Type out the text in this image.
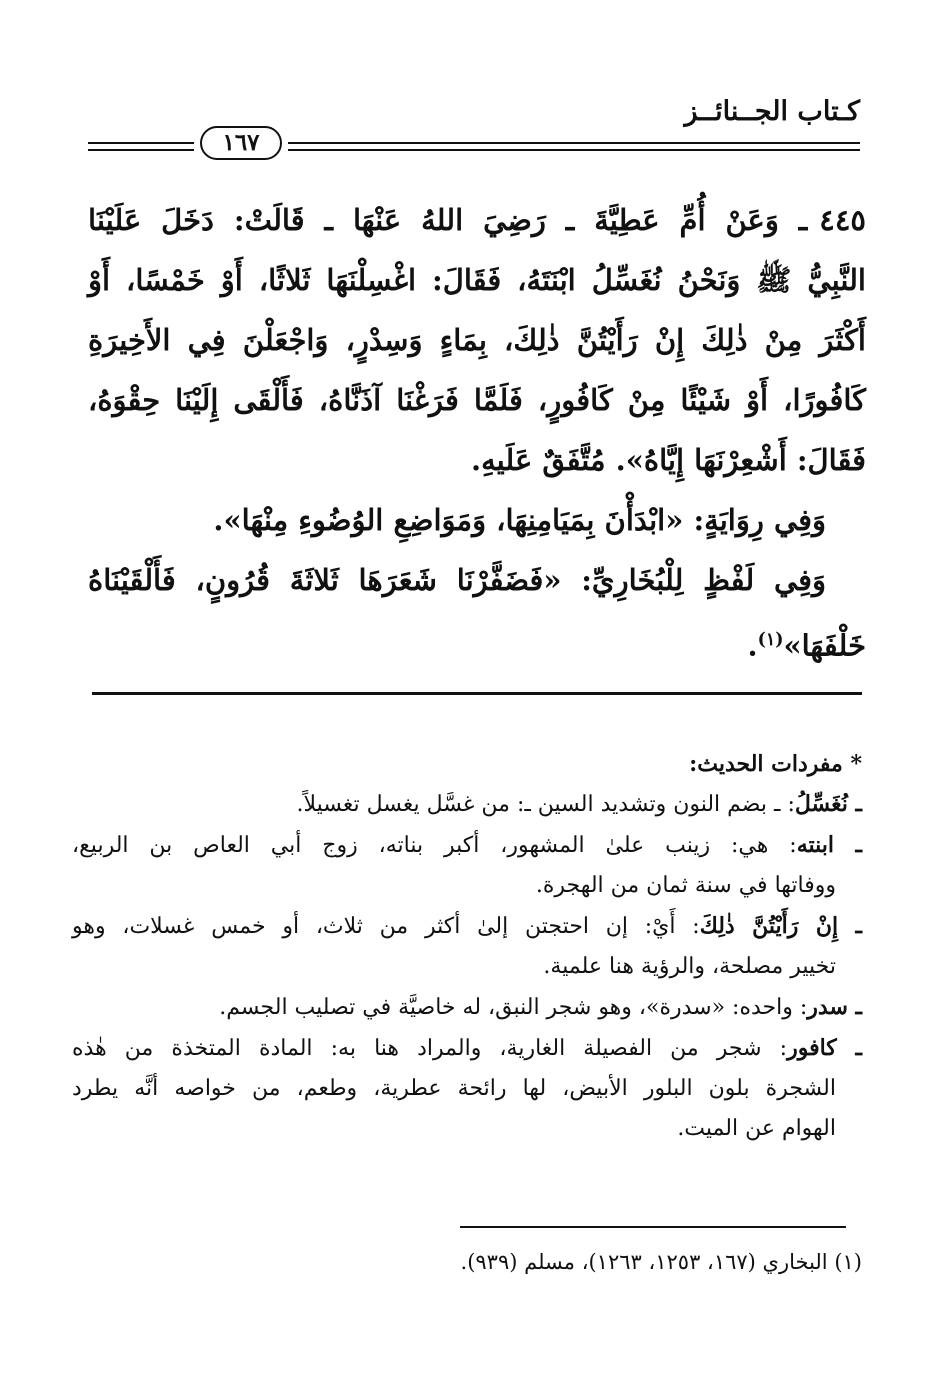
كـتاب الجــنائــز
١٦٧
٤٤٥ـ وَعَنْ أُمِّ عَطِيَّةَ ـ رَضِيَ اللهُ عَنْهَا ـ قَالَتْ: دَخَلَ عَلَيْنَا
النَّبِيُّ ﷺ وَنَحْنُ نُغَسِّلُ ابْنَتَهُ، فَقَالَ: اغْسِلْنَهَا ثَلاثًا، أَوْ خَمْسًا، أَوْ
أَكْثَرَ مِنْ ذٰلِكَ إِنْ رَأَيْتُنَّ ذٰلِكَ، بِمَاءٍ وَسِدْرٍ، وَاجْعَلْنَ فِي الأَخِيرَةِ
كَافُورًا، أَوْ شَيْئًا مِنْ كَافُورٍ، فَلَمَّا فَرَغْنَا آذَنَّاهُ، فَأَلْقَى إِلَيْنَا حِقْوَهُ،
فَقَالَ: أَشْعِرْنَهَا إِيَّاهُ». مُتَّفَقٌ عَلَيهِ.
وَفِي رِوَايَةٍ: «ابْدَأْنَ بِمَيَامِنِهَا، وَمَوَاضِعِ الوُضُوءِ مِنْهَا».
وَفِي لَفْظٍ لِلْبُخَارِيِّ: «فَضَفَّرْنَا شَعَرَهَا ثَلاثَةَ قُرُونٍ، فَأَلْقَيْنَاهُ
خَلْفَهَا»$^{(١)}$.
* مفردات الحديث:
ـ نُغَسِّلُ: ـ بضم النون وتشديد السين ـ: من غسَّل يغسل تغسيلاً.
ـ ابنته: هي: زينب علىٰ المشهور، أكبر بناته، زوج أبي العاص بن الربيع،
ووفاتها في سنة ثمان من الهجرة.
ـ إِنْ رَأَيْتُنَّ ذٰلِكَ: أَيْ: إن احتجتن إلىٰ أكثر من ثلاث، أو خمس غسلات، وهو
تخيير مصلحة، والرؤية هنا علمية.
ـ سدر: واحده: «سدرة»، وهو شجر النبق، له خاصيَّة في تصليب الجسم.
ـ كافور: شجر من الفصيلة الغارية، والمراد هنا به: المادة المتخذة من هٰذه
الشجرة بلون البلور الأبيض، لها رائحة عطرية، وطعم، من خواصه أنَّه يطرد
الهوام عن الميت.
(١) البخاري (١٦٧، ١٢٥٣، ١٢٦٣)، مسلم (٩٣٩).
